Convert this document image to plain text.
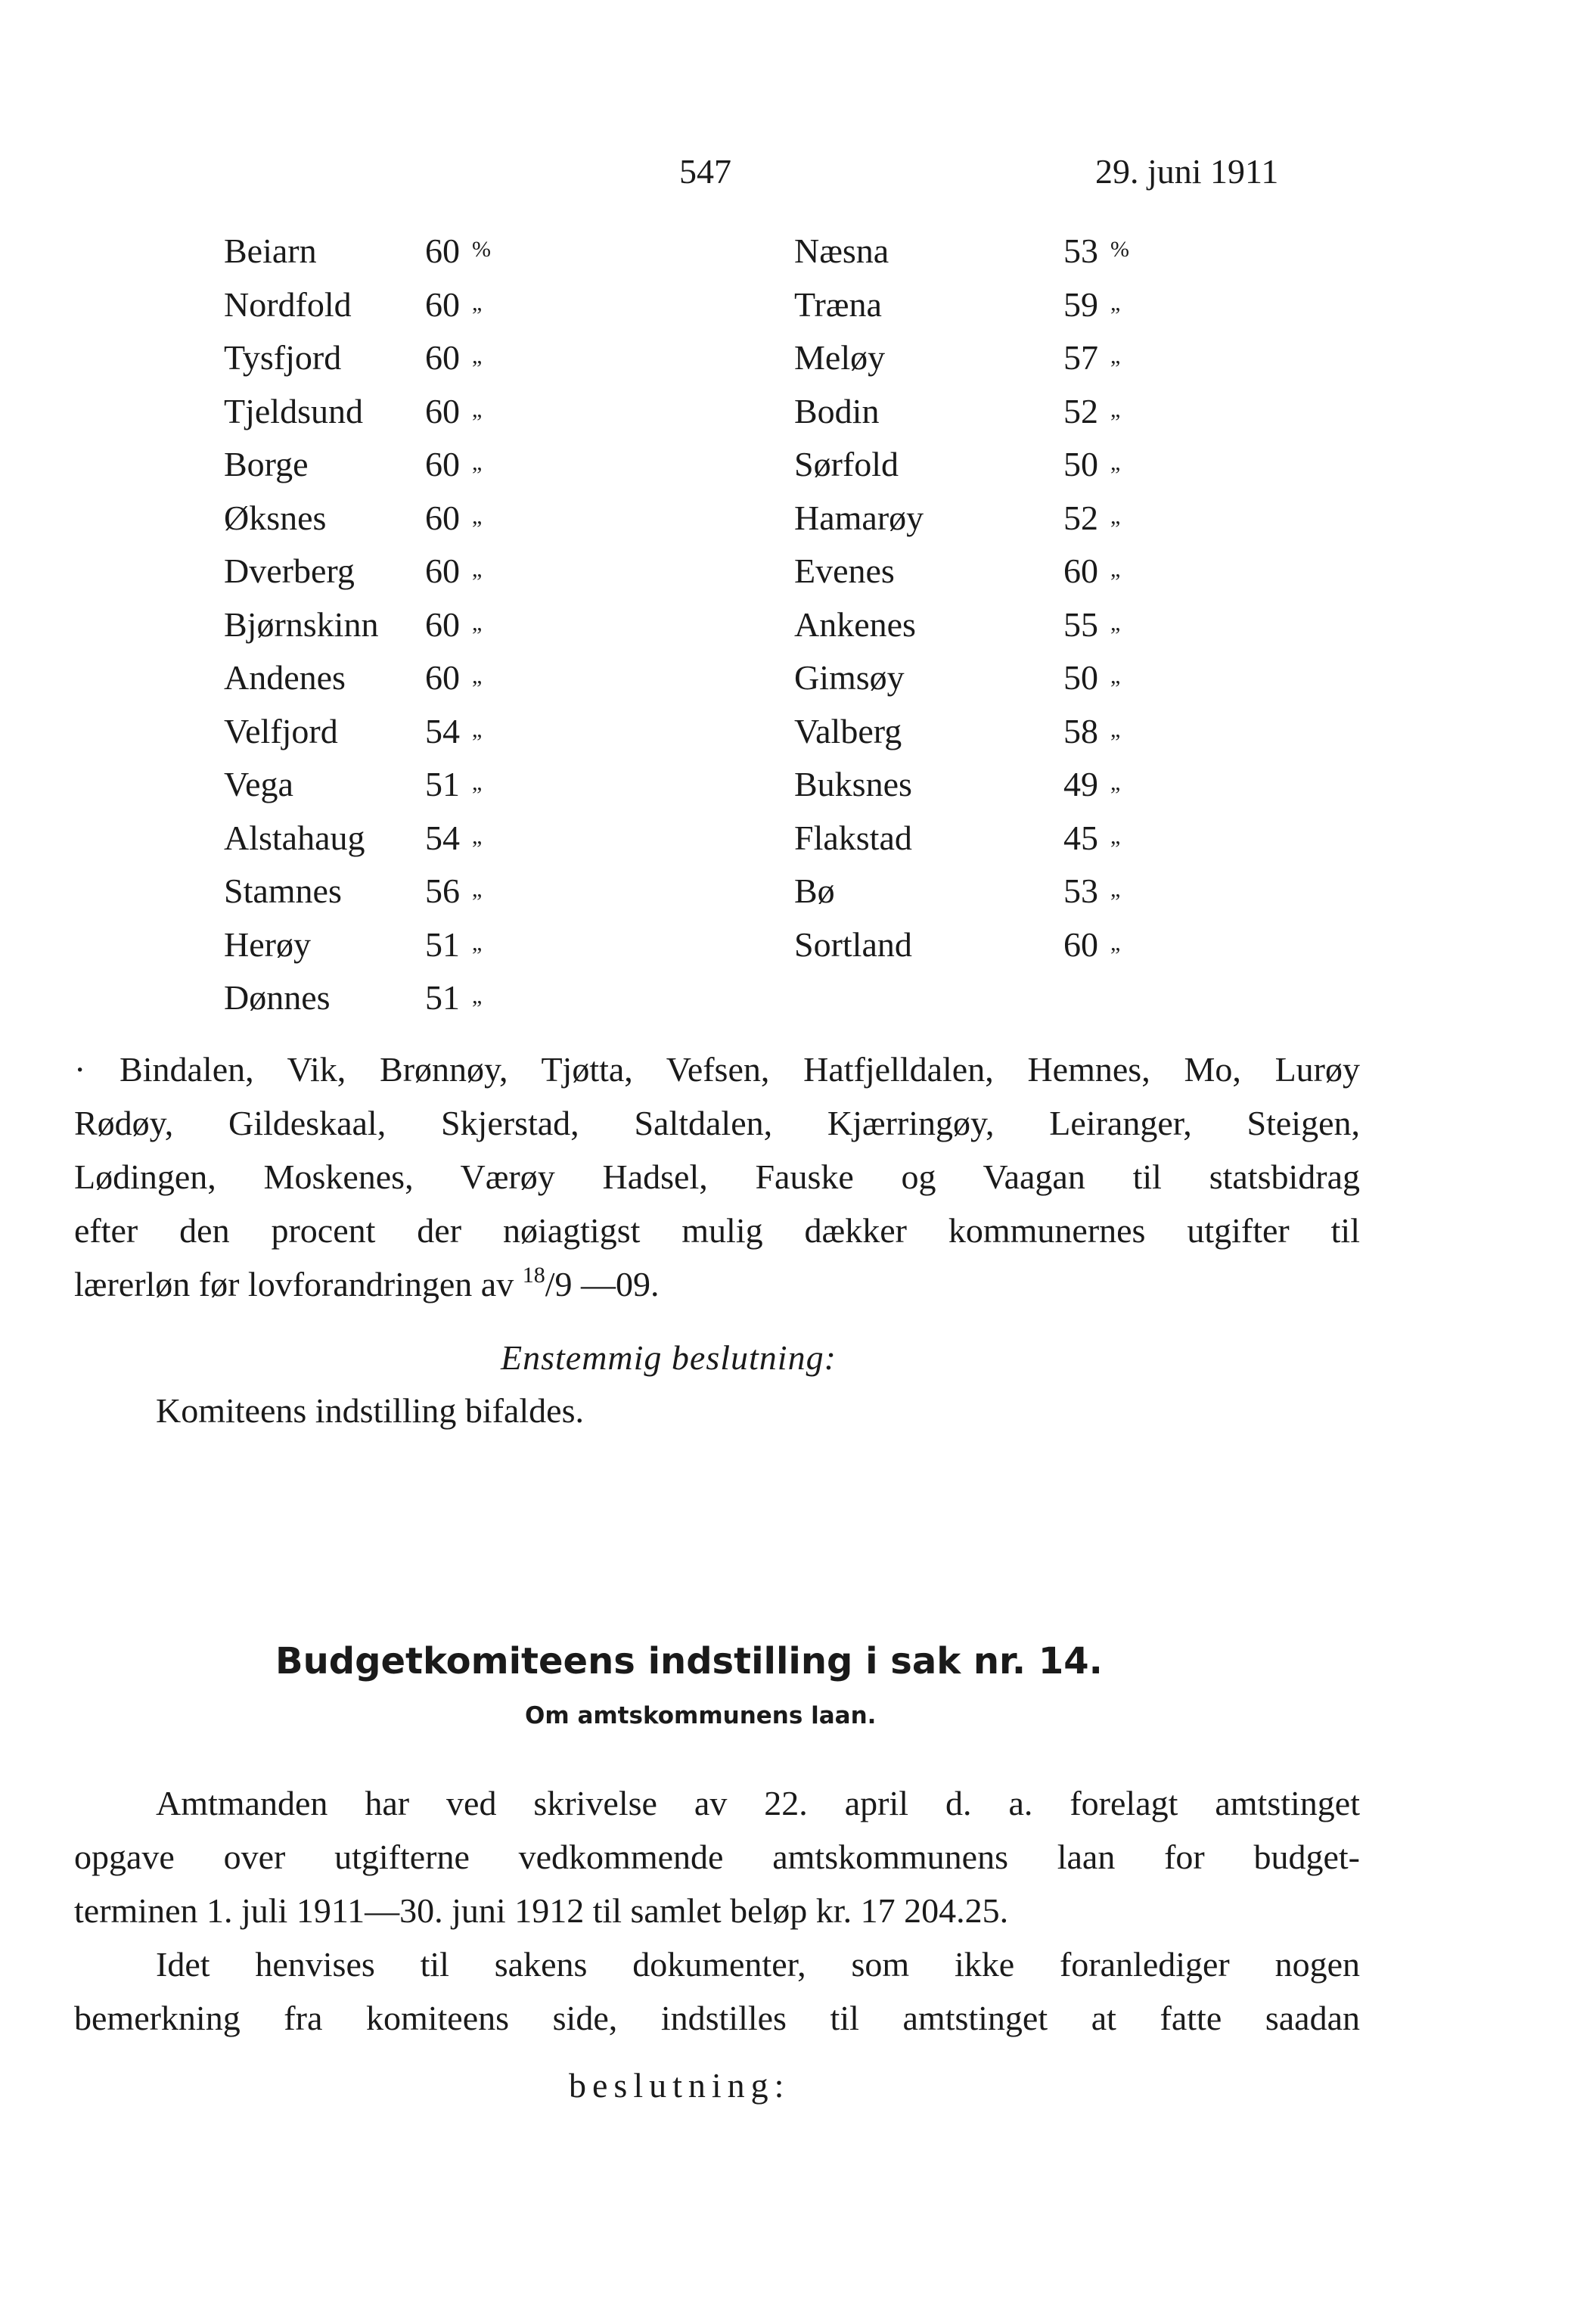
547	29. juni 1911
Beiarn	60 %
Nordfold 60 „
Tysfjord 60 „
Tjeldsund 60 „
Borge	60 „
Øksnes	60 „
Dverberg 60 „
Bjørnskinn 60 „
Andenes 60 „
Velfjord	54 „
Vega	51 „
Alstahaug 54 „
Stamnes 56 „
Herøy	51 „
Dønnes	51 „
Næsna	53 %
Træna	59 „
Meløy	57 „
Bodin	52 „
Sørfold	50 „
Hamarøy	52 „
Evenes	60 „
Ankenes	55 „
Gimsøy	50 „
Valberg	58 „
Buksnes	49 „
Flakstad	45 „
Bø	53 „
Sortland	60 „
· Bindalen, Vik, Brønnøy, Tjøtta, Vefsen, Hatfjelldalen, Hemnes, Mo, Lurøy
Rødøy, Gildeskaal, Skjerstad, Saltdalen, Kjærringøy, Leiranger, Steigen,
Lødingen, Moskenes, Værøy Hadsel, Fauske og Vaagan til statsbidrag
efter den procent der nøiagtigst mulig dækker kommunernes utgifter til
lærerløn før lovforandringen av $^{18}$/9 —09.
Enstemmig beslutning:
Komiteens indstilling bifaldes.
Budgetkomiteens indstilling i sak nr. 14.
Om amtskommunens laan.
Amtmanden har ved skrivelse av 22. april d. a. forelagt amtstinget
opgave over utgifterne vedkommende amtskommunens laan for budget-
terminen 1. juli 1911—30. juni 1912 til samlet beløp kr. 17 204.25.
Idet henvises til sakens dokumenter, som ikke foranlediger nogen
bemerkning fra komiteens side, indstilles til amtstinget at fatte saadan
beslutning:
